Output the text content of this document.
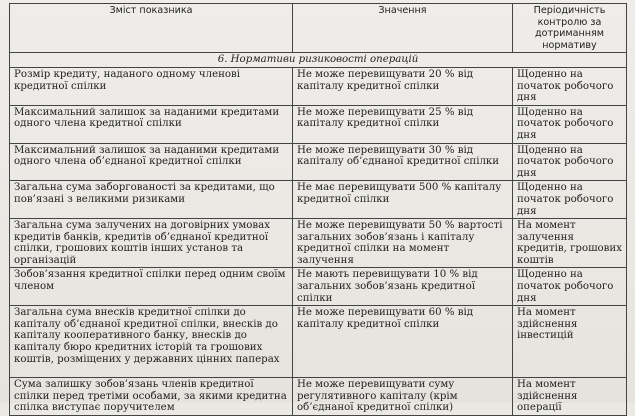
Зміст показника	Значення	Періодичність контролю за дотриманням нормативу
6. Нормативи ризиковості операцій		
Розмір кредиту, наданого одному членові кредитної спілки	Не може перевищувати 20 % від капіталу кредитної спілки	Щоденно на початок робочого дня
Максимальний залишок за наданими кредитами одного члена кредитної спілки	Не може перевищувати 25 % від капіталу кредитної спілки	Щоденно на початок робочого дня
Максимальний залишок за наданими кредитами одного члена об’єднаної кредитної спілки	Не може перевищувати 30 % від капіталу об’єднаної кредитної спілки	Щоденно на початок робочого дня
Загальна сума заборгованості за кредитами, що пов’язані з великими ризиками	Не має перевищувати 500 % капіталу кредитної спілки	Щоденно на початок робочого дня
Загальна сума залучених на договірних умовах кредитів банків, кредитів об’єднаної кредитної спілки, грошових коштів інших установ та організацій	Не може перевищувати 50 % вартості загальних зобов’язань і капіталу кредитної спілки на момент залучення	На момент залучення кредитів, грошових коштів
Зобов’язання кредитної спілки перед одним своїм членом	Не мають перевищувати 10 % від загальних зобов’язань кредитної спілки	Щоденно на початок робочого дня
Загальна сума внесків кредитної спілки до капіталу об’єднаної кредитної спілки, внесків до капіталу кооперативного банку, внесків до капіталу бюро кредитних історій та грошових коштів, розміщених у державних цінних паперах	Не може перевищувати 60 % від капіталу кредитної спілки	На момент здійснення інвестицій
Сума залишку зобов’язань членів кредитної спілки перед третіми особами, за якими кредитна спілка виступає поручителем	Не може перевищувати суму регулятивного капіталу (крім об’єднаної кредитної спілки)	На момент здійснення операції
